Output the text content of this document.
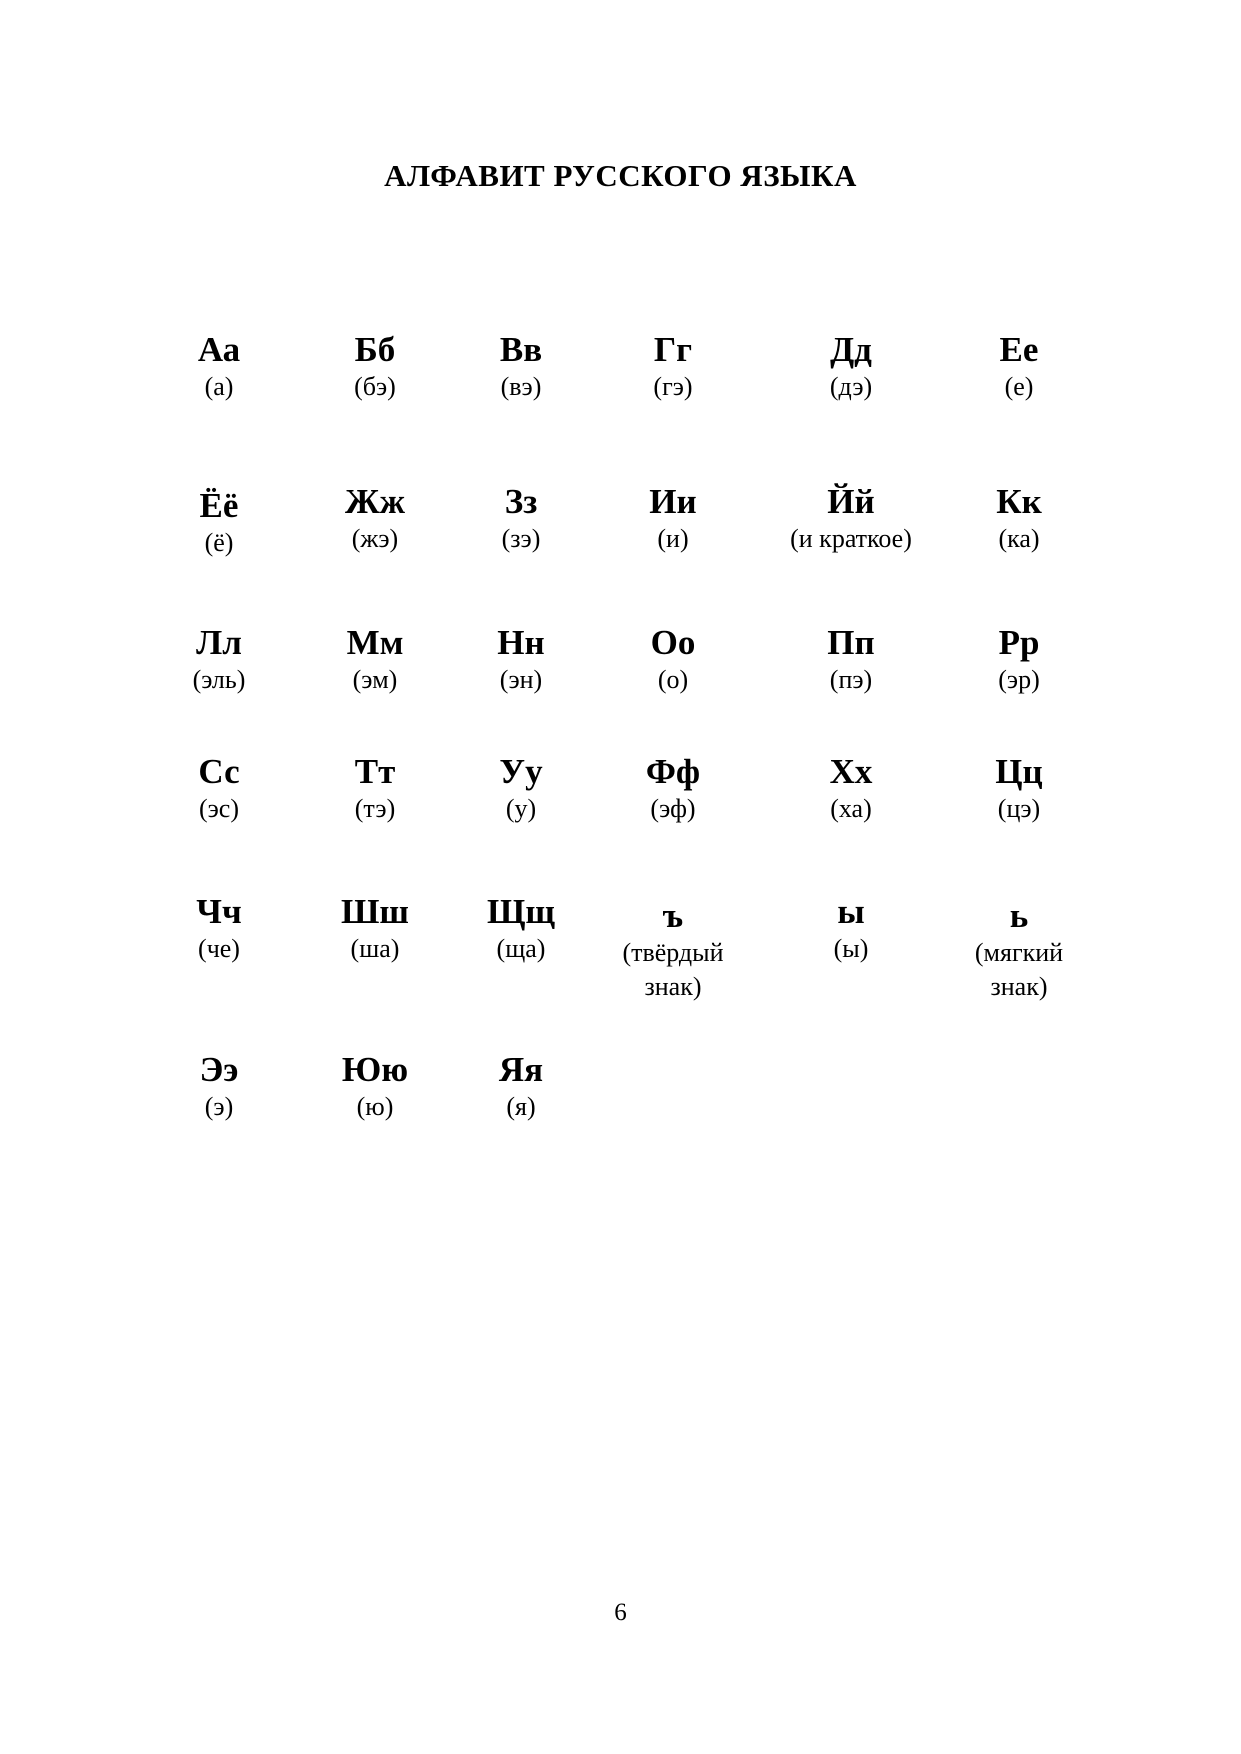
АЛФАВИТ РУССКОГО ЯЗЫКА
Аа
(а)
Бб
(бэ)
Вв
(вэ)
Гг
(гэ)
Дд
(дэ)
Ее
(е)
Ёё
(ё)
Жж
(жэ)
Зз
(зэ)
Ии
(и)
Йй
(и краткое)
Кк
(ка)
Лл
(эль)
Мм
(эм)
Нн
(эн)
Оо
(о)
Пп
(пэ)
Рр
(эр)
Сс
(эс)
Тт
(тэ)
Уу
(у)
Фф
(эф)
Хх
(ха)
Цц
(цэ)
Чч
(че)
Шш
(ша)
Щщ
(ща)
ъ
(твёрдый
знак)
ы
(ы)
ь
(мягкий
знак)
Ээ
(э)
Юю
(ю)
Яя
(я)
6
